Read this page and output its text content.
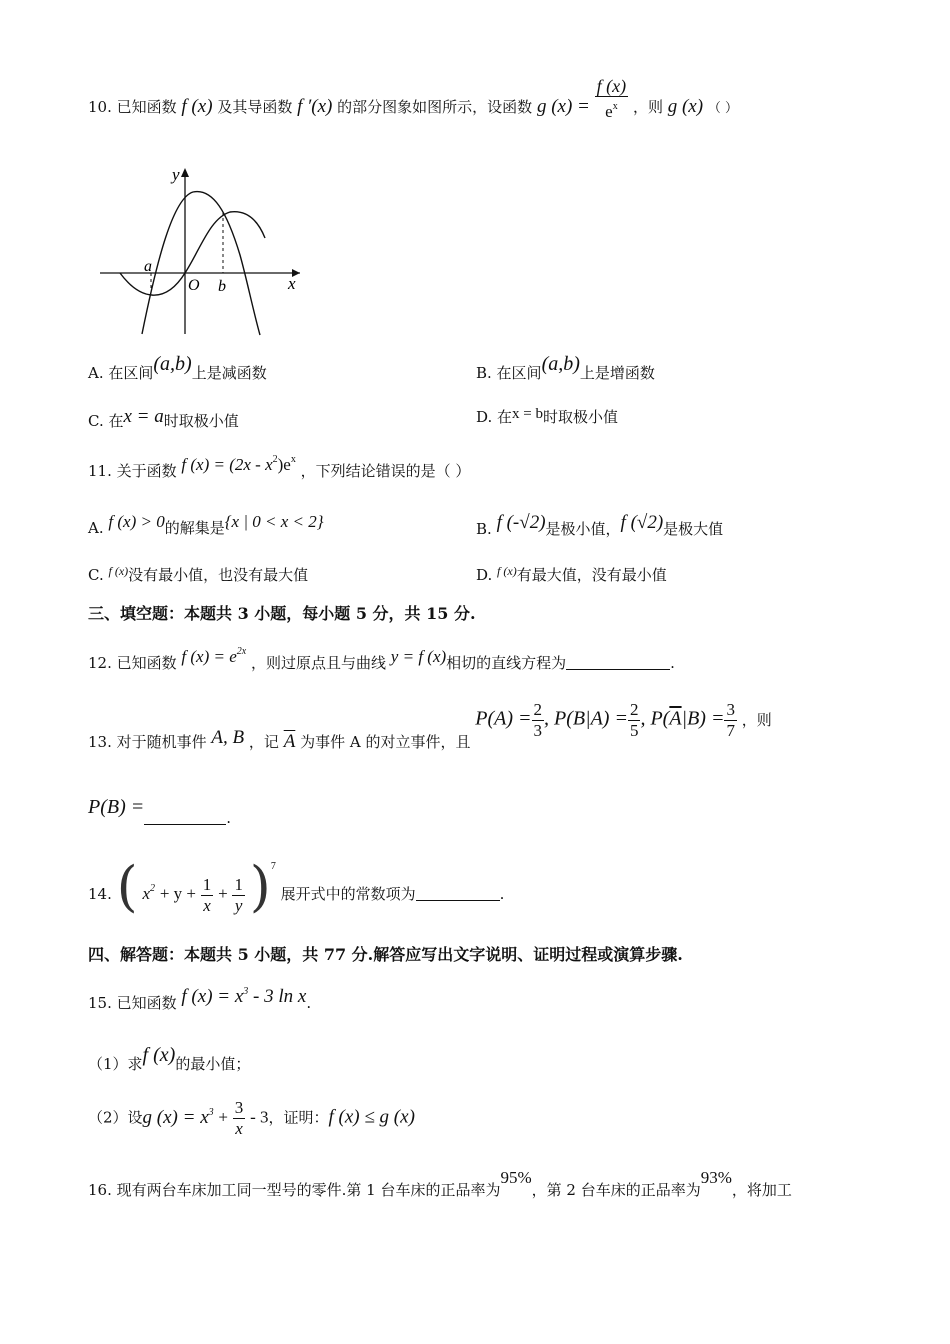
10. 已知函数 f (x) 及其导函数 f ′(x) 的部分图象如图所示，设函数 g $(x) = \frac{f (x)}{e^x}$ ，则 g (x) （ ）
y
x
O
a
b
A. 在区间(a,b)上是减函数	B. 在区间(a,b)上是增函数
C. 在x = a时取极小值	D. 在x = b时取极小值
11. 关于函数 f $(x) = (2x - x^2)e^x$ ，下列结论错误的是（ ）
A. f (x) > 0的解集是{x | 0 < x < 2}	B. f (-√2)是极小值，f (√2)是极大值
C. $^{f (x)}$没有最小值，也没有最大值	D. $^{f (x)}$有最大值，没有最小值
三、填空题：本题共 3 小题，每小题 5 分，共 15 分.
12. 已知函数 f $(x) = e^{2x}$ ，则过原点且与曲线 y = f (x)相切的直线方程为	.
13. 对于随机事件 A, B ，记 $\overline{A}$ 为事件 A 的对立事件，且 $P(A) = \frac{2}{3}$ , $P(B|A) = \frac{2}{5}$ , $P(\overline{A}|B) = \frac{3}{7}$ ，则
P(B) =	.
14. ( $x^2 + y + \frac{1}{x} + \frac{1}{y} )^7$ 展开式中的常数项为	.
四、解答题：本题共 5 小题，共 77 分.解答应写出文字说明、证明过程或演算步骤.
15. 已知函数 f $(x) = x^3 - 3$ ln x.
（1）求f (x)的最小值；
（2）设g $(x) = x^3 + \frac{3}{x} - 3$，证明：f (x) ≤ g (x)
16. 现有两台车床加工同一型号的零件.第 1 台车床的正品率为95%，第 2 台车床的正品率为93%，将加工
